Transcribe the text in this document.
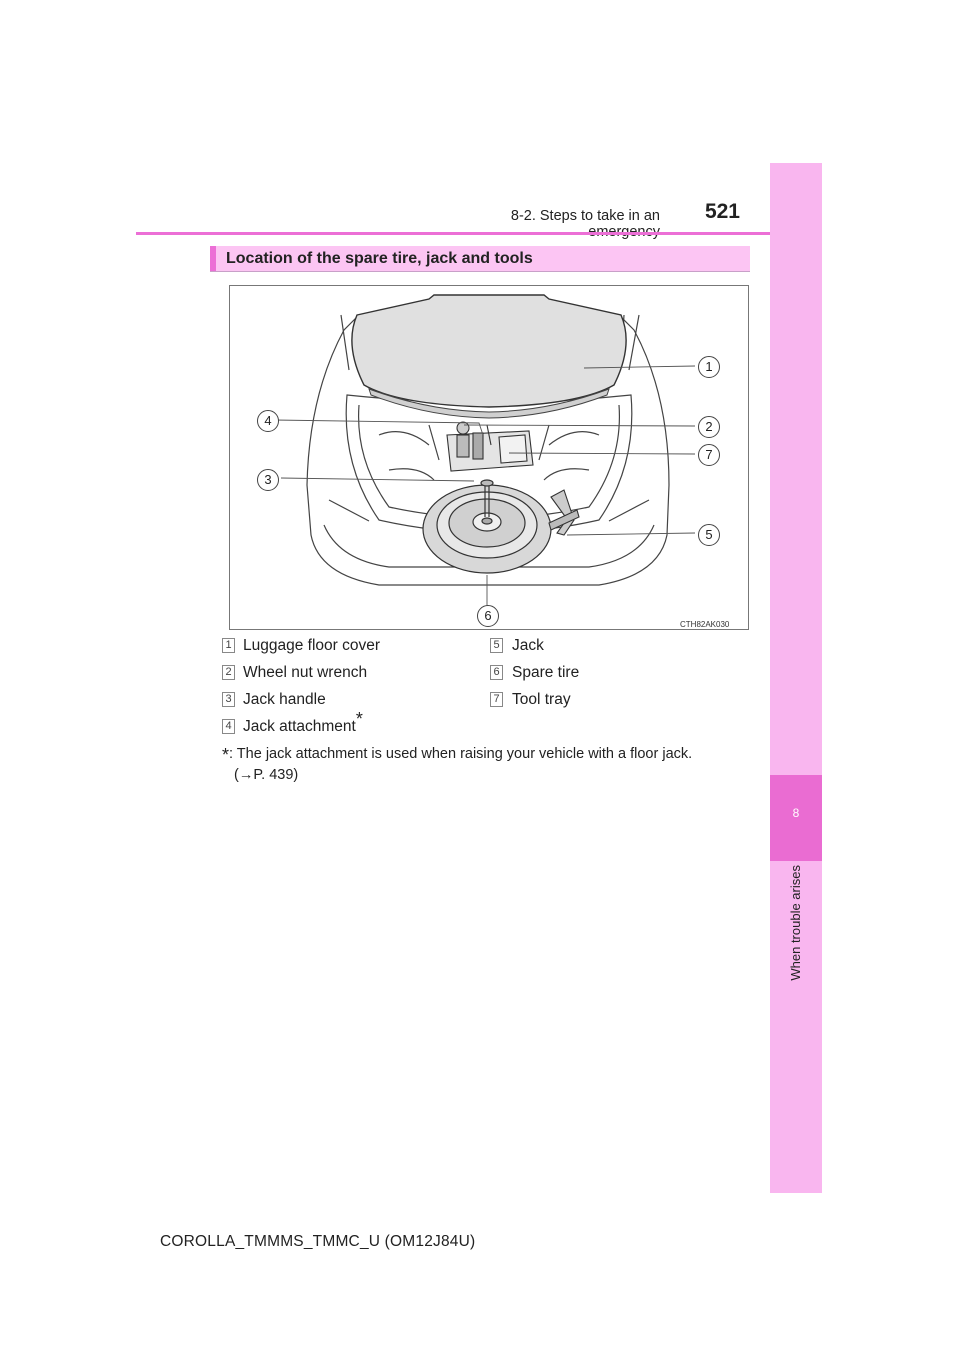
8-2. Steps to take in an	521
8
When trouble arises
Location of the spare tire, jack and tools
1
2
3
4
5
6
7
CTH82AK030
1 Luggage floor cover
2 Wheel nut wrench
3 Jack handle
4 Jack attachment*
5 Jack
6 Spare tire
7 Tool tray
*: The jack attachment is used when raising your vehicle with a floor jack.
(→P. 439)
COROLLA_TMMMS_TMMC_U (OM12J84U)
